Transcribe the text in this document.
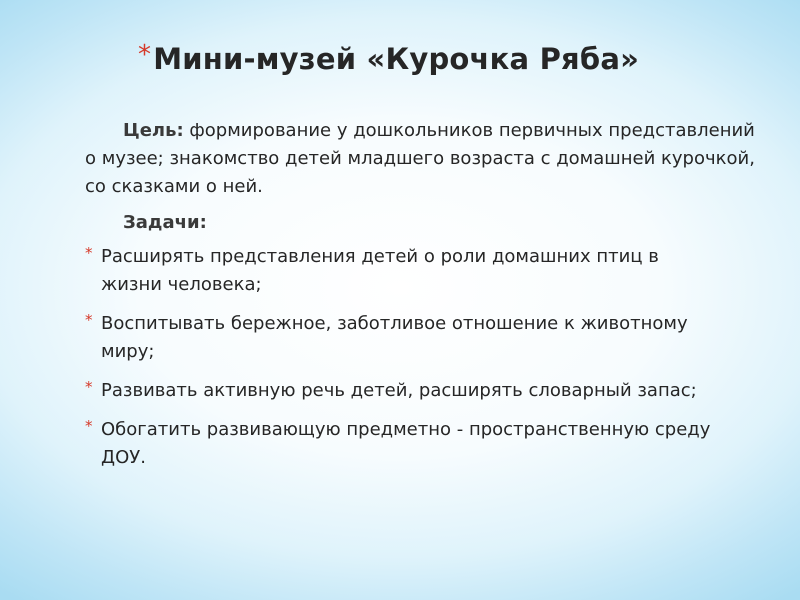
*Мини-музей «Курочка Ряба»

Цель: формирование у дошкольников первичных представлений о музее; знакомство детей младшего возраста с домашней курочкой, со сказками о ней.

Задачи:

* Расширять представления детей о роли домашних птиц в жизни человека;
* Воспитывать бережное, заботливое отношение к животному миру;
* Развивать активную речь детей, расширять словарный запас;
* Обогатить развивающую предметно - пространственную среду ДОУ.
